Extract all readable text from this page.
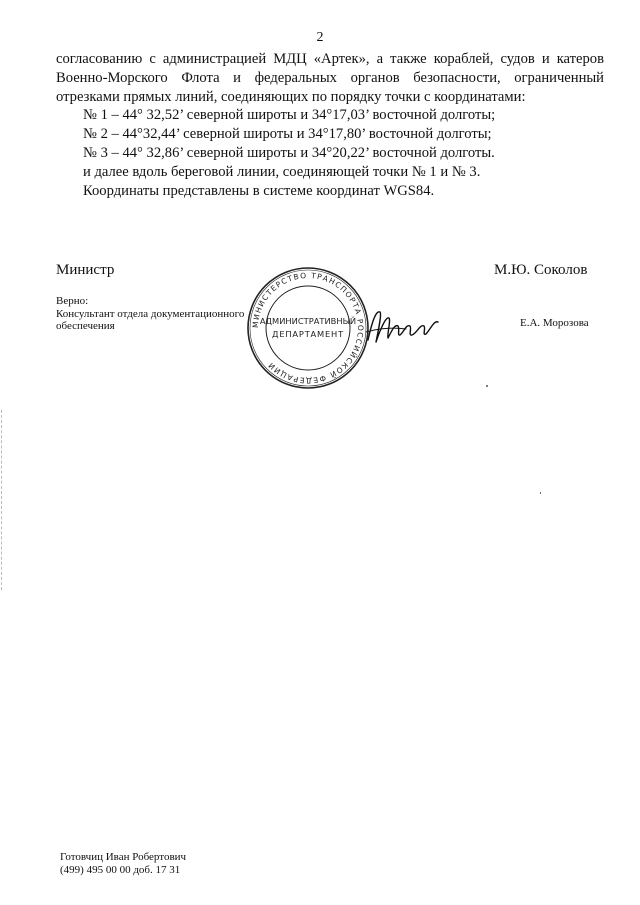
2

согласованию с администрацией МДЦ «Артек», а также кораблей, судов и катеров

Военно-Морского Флота и федеральных органов безопасности, ограниченный

отрезками прямых линий, соединяющих по порядку точки с координатами:

№ 1 – 44° 32,52’ северной широты и 34°17,03’ восточной долготы;

№ 2 – 44°32,44’ северной широты и 34°17,80’ восточной долготы;

№ 3 – 44° 32,86’ северной широты и 34°20,22’ восточной долготы.

и далее вдоль береговой линии, соединяющей точки № 1 и № 3.

Координаты представлены в системе координат WGS84.

Министр	М.Ю. Соколов
Верно:
Консультант отдела документационного
обеспечения	Е.А. Морозова
МИНИСТЕРСТВО ТРАНСПОРТА РОССИЙСКОЙ ФЕДЕРАЦИИ
АДМИНИСТРАТИВНЫЙ
ДЕПАРТАМЕНТ
Готовчиц Иван Робертович
(499) 495 00 00 доб. 17 31
